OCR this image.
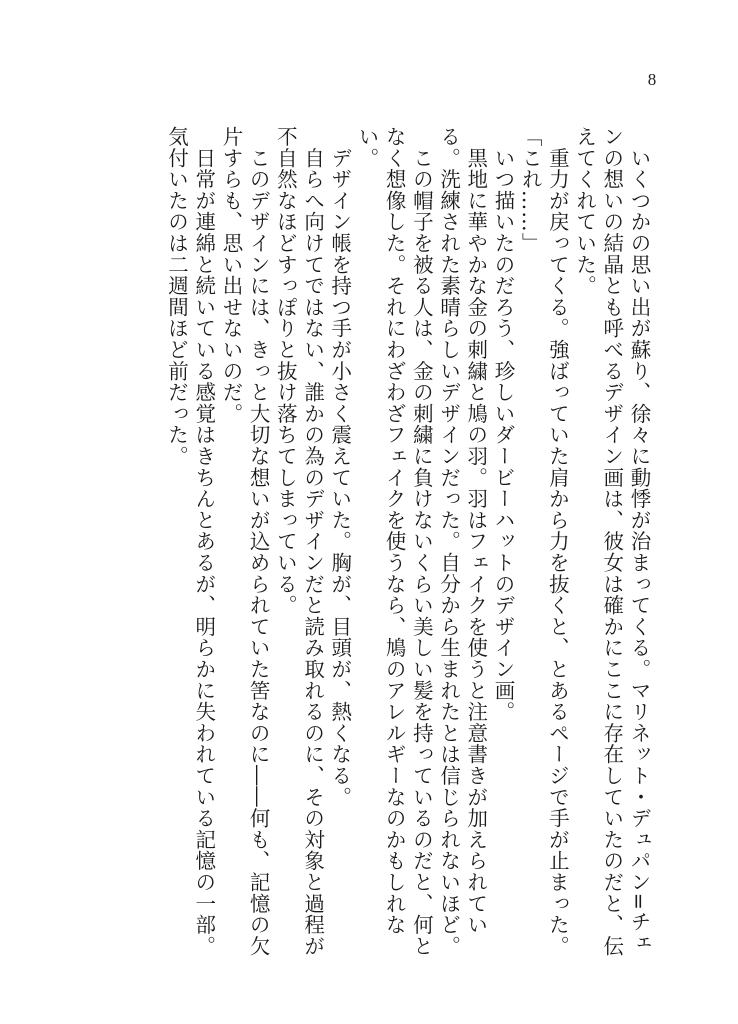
8

　いくつかの思い出が蘇り、徐々に動悸が治まってくる。マリネット・デュパン=チェンの想いの結晶とも呼べるデザイン画は、彼女は確かにここに存在していたのだと、伝えてくれていた。

　重力が戻ってくる。強ばっていた肩から力を抜くと、とあるページで手が止まった。

「これ……」

　いつ描いたのだろう、珍しいダービーハットのデザイン画。

　黒地に華やかな金の刺繍と鳩の羽。羽はフェイクを使うと注意書きが加えられている。洗練された素晴らしいデザインだった。自分から生まれたとは信じられないほど。

　この帽子を被る人は、金の刺繍に負けないくらい美しい髪を持っているのだと、何となく想像した。それにわざわざフェイクを使うなら、鳩のアレルギーなのかもしれない。

　デザイン帳を持つ手が小さく震えていた。胸が、目頭が、熱くなる。

　自らへ向けてではない、誰かの為のデザインだと読み取れるのに、その対象と過程が不自然なほどすっぽりと抜け落ちてしまっている。

　このデザインには、きっと大切な想いが込められていた筈なのに――何も、記憶の欠片すらも、思い出せないのだ。

　日常が連綿と続いている感覚はきちんとあるが、明らかに失われている記憶の一部。気付いたのは二週間ほど前だった。
